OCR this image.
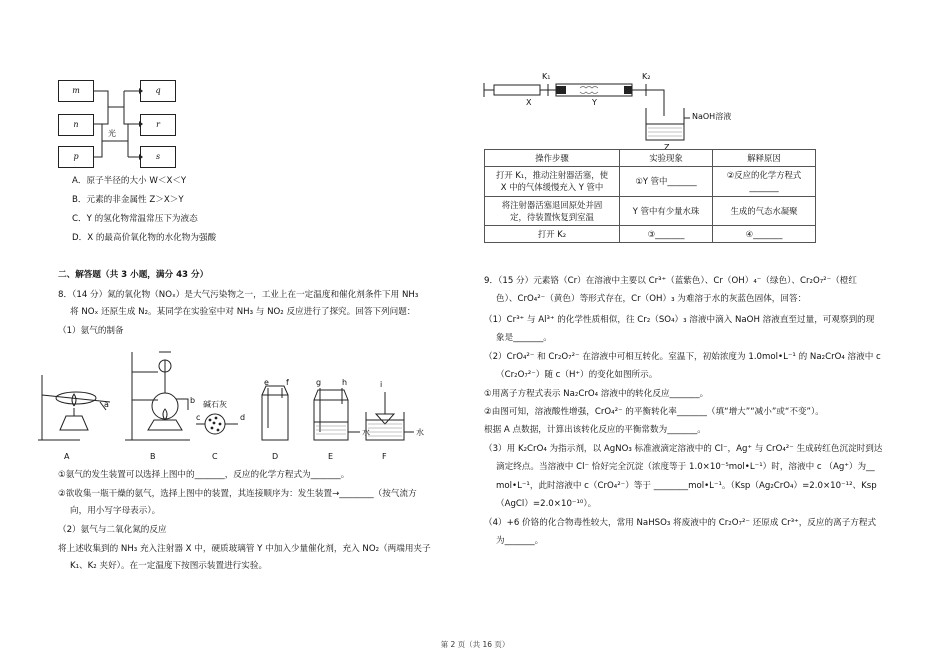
m
n
p
q
r
s
光
A．原子半径的大小 W＜X＜Y
B．元素的非金属性 Z＞X＞Y
C．Y 的氢化物常温常压下为液态
D．X 的最高价氧化物的水化物为强酸
二、解答题（共 3 小题，满分 43 分）
8．（14 分）氮的氧化物（NOₓ）是大气污染物之一，工业上在一定温度和催化剂条件下用 NH₃
将 NOₓ 还原生成 N₂。某同学在实验室中对 NH₃ 与 NO₂ 反应进行了探究。回答下列问题：
（1）氨气的制备
a	b
c	d
e f	g	h	i
碱石灰
水	水
A	B	C	D	E	F
①氨气的发生装置可以选择上图中的_______，反应的化学方程式为_______。
②欲收集一瓶干燥的氨气，选择上图中的装置，其连接顺序为：发生装置→________（按气流方
向，用小写字母表示）。
（2）氨气与二氧化氮的反应
将上述收集到的 NH₃ 充入注射器 X 中，硬质玻璃管 Y 中加入少量催化剂，充入 NO₂（两端用夹子
K₁、K₂ 夹好）。在一定温度下按图示装置进行实验。
K₁	K₂
X	Y
Z
NaOH溶液
操作步骤	实验现象	解释原因
打开 K₁，推动注射器活塞，使
X 中的气体缓慢充入 Y 管中	①Y 管中_______	②反应的化学方程式_______
将注射器活塞退回原处并固
定，待装置恢复到室温	Y 管中有少量水珠	生成的气态水凝聚
打开 K₂	③_______	④_______
9．（15 分）元素铬（Cr）在溶液中主要以 Cr³⁺（蓝紫色）、Cr（OH）₄⁻（绿色）、Cr₂O₇²⁻（橙红
色）、CrO₄²⁻（黄色）等形式存在，Cr（OH）₃ 为难溶于水的灰蓝色固体，回答：
（1）Cr³⁺ 与 Al³⁺ 的化学性质相似，往 Cr₂（SO₄）₃ 溶液中滴入 NaOH 溶液直至过量，可观察到的现
象是_______。
（2）CrO₄²⁻ 和 Cr₂O₇²⁻ 在溶液中可相互转化。室温下，初始浓度为 1.0mol•L⁻¹ 的 Na₂CrO₄ 溶液中 c
（Cr₂O₇²⁻）随 c（H⁺）的变化如图所示。
①用离子方程式表示 Na₂CrO₄ 溶液中的转化反应_______。
②由图可知，溶液酸性增强，CrO₄²⁻ 的平衡转化率_______（填“增大”“减小”或“不变”）。
根据 A 点数据，计算出该转化反应的平衡常数为_______。
（3）用 K₂CrO₄ 为指示剂，以 AgNO₃ 标准液滴定溶液中的 Cl⁻，Ag⁺ 与 CrO₄²⁻ 生成砖红色沉淀时到达
滴定终点。当溶液中 Cl⁻ 恰好完全沉淀（浓度等于 1.0×10⁻⁵mol•L⁻¹）时，溶液中 c （Ag⁺）为__
mol•L⁻¹，此时溶液中 c（CrO₄²⁻）等于 ________mol•L⁻¹。（Ksp（Ag₂CrO₄）=2.0×10⁻¹²、Ksp
（AgCl）=2.0×10⁻¹⁰）。
（4）+6 价铬的化合物毒性较大，常用 NaHSO₃ 将废液中的 Cr₂O₇²⁻ 还原成 Cr³⁺，反应的离子方程式
为_______。
第 2 页（共 16 页）
